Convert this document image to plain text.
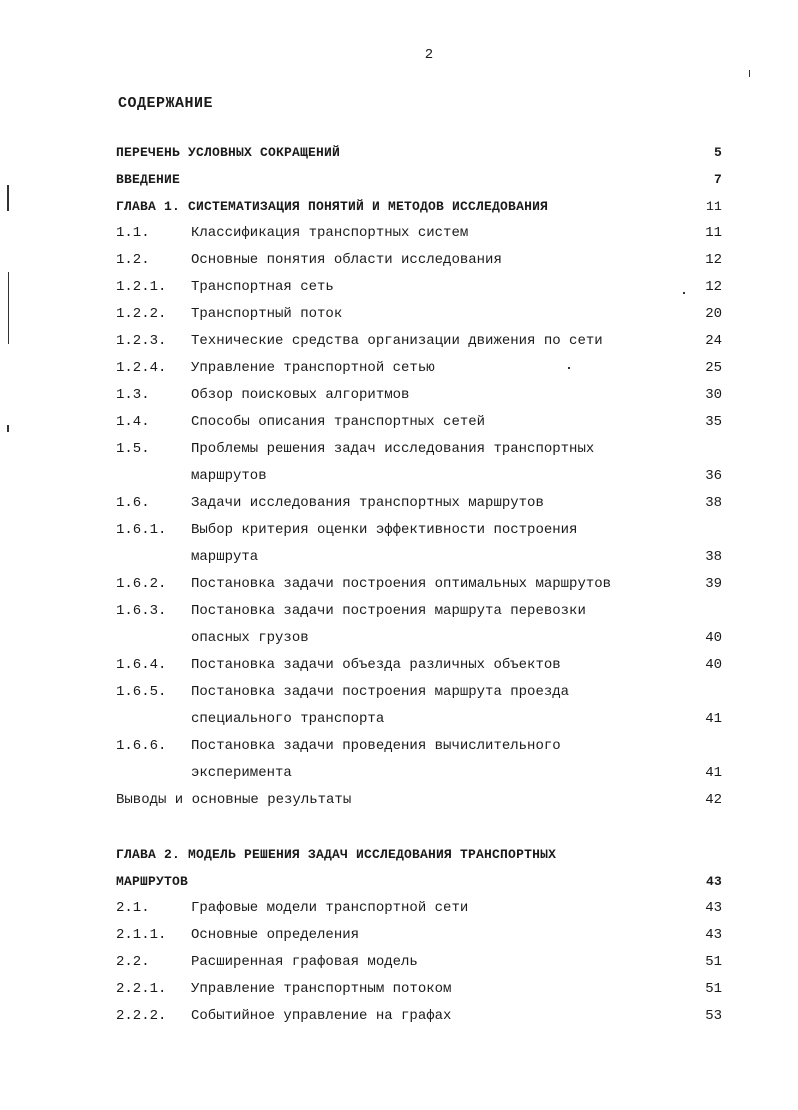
2
СОДЕРЖАНИЕ
ПЕРЕЧЕНЬ УСЛОВНЫХ СОКРАЩЕНИЙ	5
ВВЕДЕНИЕ	7
ГЛАВА 1. СИСТЕМАТИЗАЦИЯ ПОНЯТИЙ И МЕТОДОВ ИССЛЕДОВАНИЯ	11
1.1.	Классификация транспортных систем	11
1.2.	Основные понятия области исследования	12
1.2.1. Транспортная сеть	12
1.2.2. Транспортный поток	20
1.2.3. Технические средства организации движения по сети	24
1.2.4. Управление транспортной сетью	25
1.3.	Обзор поисковых алгоритмов	30
1.4.	Способы описания транспортных сетей	35
1.5.	Проблемы решения задач исследования транспортных
маршрутов	36
1.6.	Задачи исследования транспортных маршрутов	38
1.6.1. Выбор критерия оценки эффективности построения
маршрута	38
1.6.2. Постановка задачи построения оптимальных маршрутов	39
1.6.3. Постановка задачи построения маршрута перевозки
опасных грузов	40
1.6.4. Постановка задачи объезда различных объектов	40
1.6.5. Постановка задачи построения маршрута проезда
специального транспорта	41
1.6.6. Постановка задачи проведения вычислительного
эксперимента	41
Выводы и основные результаты	42
ГЛАВА 2. МОДЕЛЬ РЕШЕНИЯ ЗАДАЧ ИССЛЕДОВАНИЯ ТРАНСПОРТНЫХ
МАРШРУТОВ	43
2.1.	Графовые модели транспортной сети	43
2.1.1. Основные определения	43
2.2.	Расширенная графовая модель	51
2.2.1. Управление транспортным потоком	51
2.2.2. Событийное управление на графах	53
